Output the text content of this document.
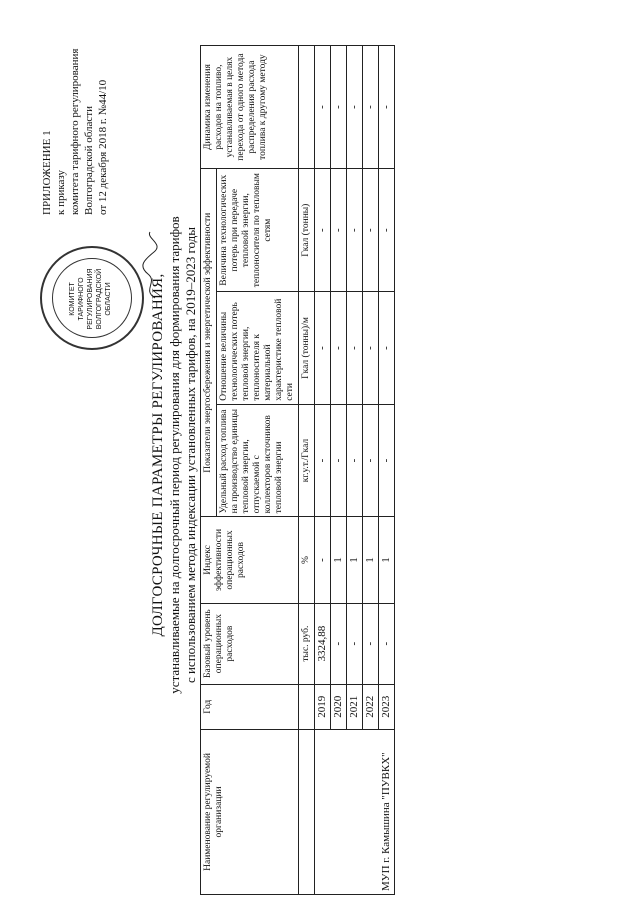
ПРИЛОЖЕНИЕ 1 к приказу комитета тарифного регулирования Волгоградской области от 12 декабря 2018 г. №44/10
КОМИТЕТ ТАРИФНОГО РЕГУЛИРОВАНИЯ ВОЛГОГРАДСКОЙ ОБЛАСТИ	ДОЛГОСРОЧНЫЕ ПАРАМЕТРЫ РЕГУЛИРОВАНИЯ, устанавливаемые на долгосрочный период регулирования для формирования тарифов с использованием метода индексации установленных тарифов, на 2019–2023 годы
Наименование регулируемой организации	Год	Базовый уровень операционных расходов	Индекс эффективности операционных расходов	Показатели энергосбережения и энергетической эффективности			Динамика изменения расходов на топливо, устанавливаемая в целях перехода от одного метода распределения расхода топлива к другому методу
				Удельный расход топлива на производство единицы тепловой энергии, отпускаемой с коллекторов источников тепловой энергии	Отношение величины технологических потерь тепловой энергии, теплоносителя к материальной характеристике тепловой сети	Величина технологических потерь при передаче тепловой энергии, теплоносителя по тепловым сетям	
		тыс. руб.	%	кг.у.т./Гкал	Гкал (тонны)/м	Гкал (тонны)	
МУП г. Камышина "ПУВКХ"	2019	3324,88	-	-	-	-	-
	2020	-	1	-	-	-	-
	2021	-	1	-	-	-	-
	2022	-	1	-	-	-	-
	2023	-	1	-	-	-	-
